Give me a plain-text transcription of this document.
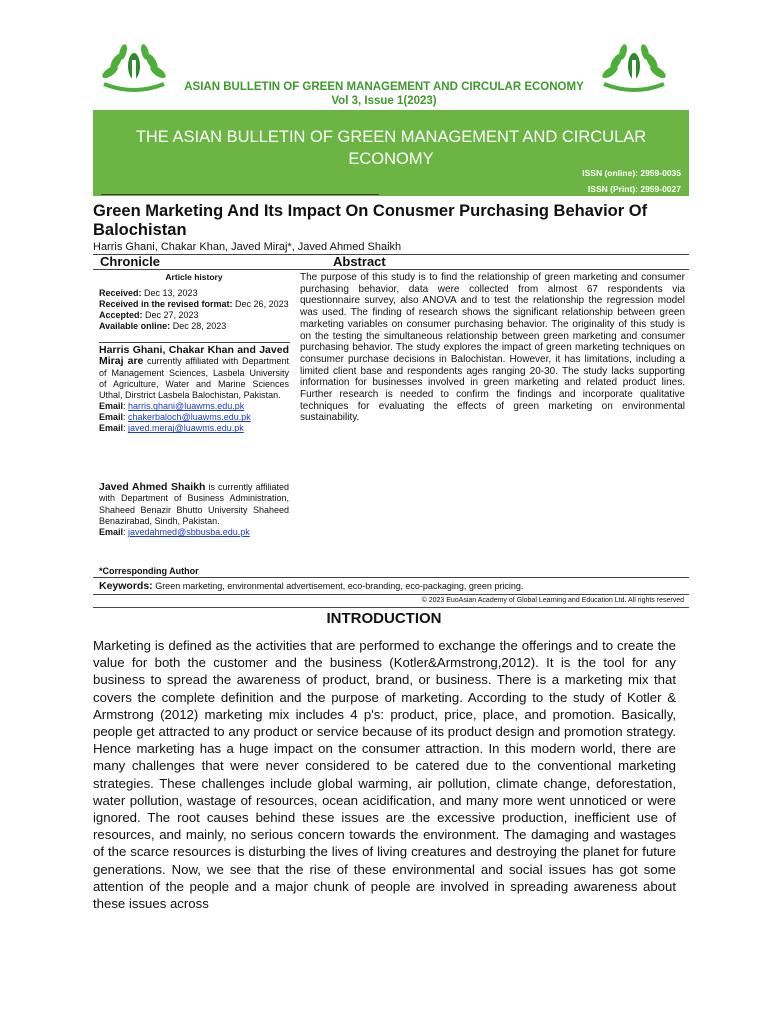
ASIAN BULLETIN OF GREEN MANAGEMENT AND CIRCULAR ECONOMY
Vol 3, Issue 1(2023)
THE ASIAN BULLETIN OF GREEN MANAGEMENT AND CIRCULAR ECONOMY
ISSN (online): 2959-0035
ISSN (Print): 2959-0027
Green Marketing And Its Impact On Conusmer Purchasing Behavior Of Balochistan
Harris Ghani, Chakar Khan, Javed Miraj*, Javed Ahmed Shaikh
Chronicle	Abstract

Article history

Received: Dec 13, 2023

Received in the revised format: Dec 26, 2023

Accepted: Dec 27, 2023

Available online: Dec 28, 2023

Harris Ghani, Chakar Khan and Javed Miraj are currently affiliated with Department of Management Sciences, Lasbela University of Agriculture, Water and Marine Sciences Uthal, Dirstrict Lasbela Balochistan, Pakistan.

Email: harris.ghani@luawms.edu.pk

Email: chakerbaloch@luawms.edu.pk

Email: javed.meraj@luawms.edu.pk

Javed Ahmed Shaikh is currently affiliated with Department of Business Administration, Shaheed Benazir Bhutto University Shaheed Benazirabad, Sindh, Pakistan.

Email: javedahmed@sbbusba.edu.pk

*Corresponding Author
The purpose of this study is to find the relationship of green marketing and consumer purchasing behavior, data were collected from almost 67 respondents via questionnaire survey, also ANOVA and to test the relationship the regression model was used. The finding of research shows the significant relationship between green marketing variables on consumer purchasing behavior. The originality of this study is on the testing the simultaneous relationship between green marketing and consumer purchasing behavior. The study explores the impact of green marketing techniques on consumer purchase decisions in Balochistan. However, it has limitations, including a limited client base and respondents ages ranging 20-30. The study lacks supporting information for businesses involved in green marketing and related product lines. Further research is needed to confirm the findings and incorporate qualitative techniques for evaluating the effects of green marketing on environmental sustainability.
Keywords: Green marketing, environmental advertisement, eco-branding, eco-packaging, green pricing.
© 2023 EuoAsian Academy of Global Learning and Education Ltd. All rights reserved
INTRODUCTION
Marketing is defined as the activities that are performed to exchange the offerings and to create the value for both the customer and the business (Kotler&Armstrong,2012). It is the tool for any business to spread the awareness of product, brand, or business. There is a marketing mix that covers the complete definition and the purpose of marketing. According to the study of Kotler & Armstrong (2012) marketing mix includes 4 p's: product, price, place, and promotion. Basically, people get attracted to any product or service because of its product design and promotion strategy. Hence marketing has a huge impact on the consumer attraction. In this modern world, there are many challenges that were never considered to be catered due to the conventional marketing strategies. These challenges include global warming, air pollution, climate change, deforestation, water pollution, wastage of resources, ocean acidification, and many more went unnoticed or were ignored. The root causes behind these issues are the excessive production, inefficient use of resources, and mainly, no serious concern towards the environment. The damaging and wastages of the scarce resources is disturbing the lives of living creatures and destroying the planet for future generations. Now, we see that the rise of these environmental and social issues has got some attention of the people and a major chunk of people are involved in spreading awareness about these issues across
